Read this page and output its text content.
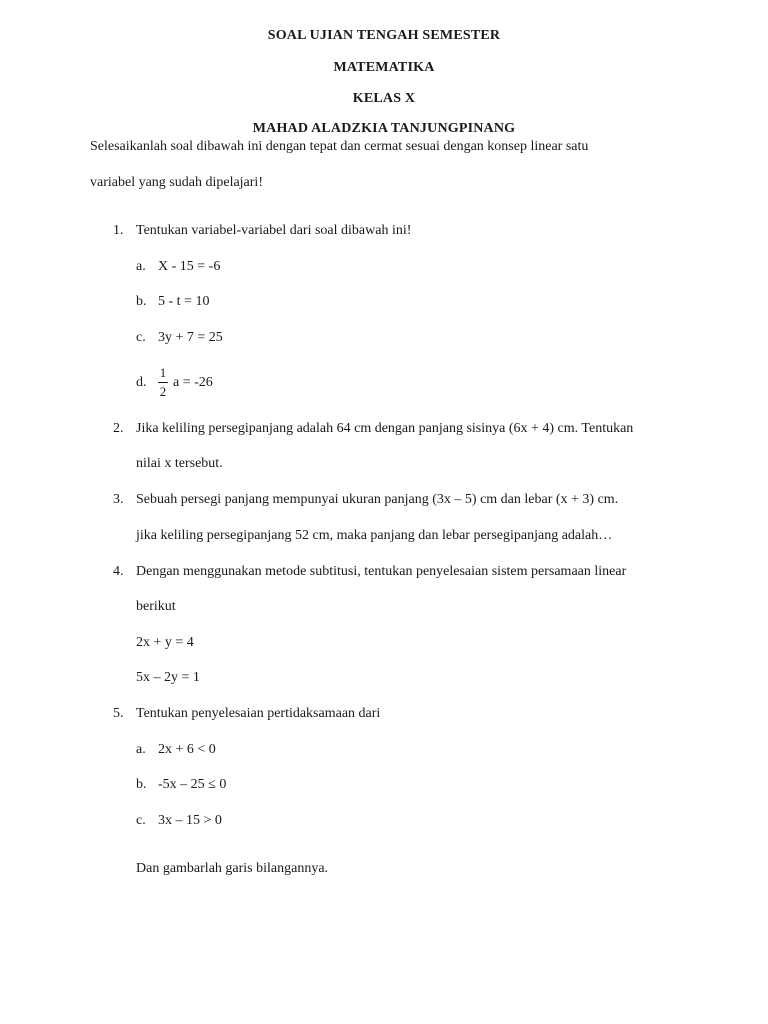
SOAL UJIAN TENGAH SEMESTER
MATEMATIKA
KELAS X
MAHAD ALADZKIA TANJUNGPINANG
Selesaikanlah soal dibawah ini dengan tepat dan cermat sesuai dengan konsep linear satu
variabel yang sudah dipelajari!
1. Tentukan variabel-variabel dari soal dibawah ini!
a. X - 15 = -6
b. 5 - t = 10
c. 3y + 7 = 25
d.
1
2
a = -26
2. Jika keliling persegipanjang adalah 64 cm dengan panjang sisinya (6x + 4) cm. Tentukan
nilai x tersebut.
3. Sebuah persegi panjang mempunyai ukuran panjang (3x – 5) cm dan lebar (x + 3) cm.
jika keliling persegipanjang 52 cm, maka panjang dan lebar persegipanjang adalah…
4. Dengan menggunakan metode subtitusi, tentukan penyelesaian sistem persamaan linear
berikut
2x + y = 4
5x – 2y = 1
5. Tentukan penyelesaian pertidaksamaan dari
a. 2x + 6 < 0
b. -5x – 25 ≤ 0
c. 3x – 15 > 0
Dan gambarlah garis bilangannya.
